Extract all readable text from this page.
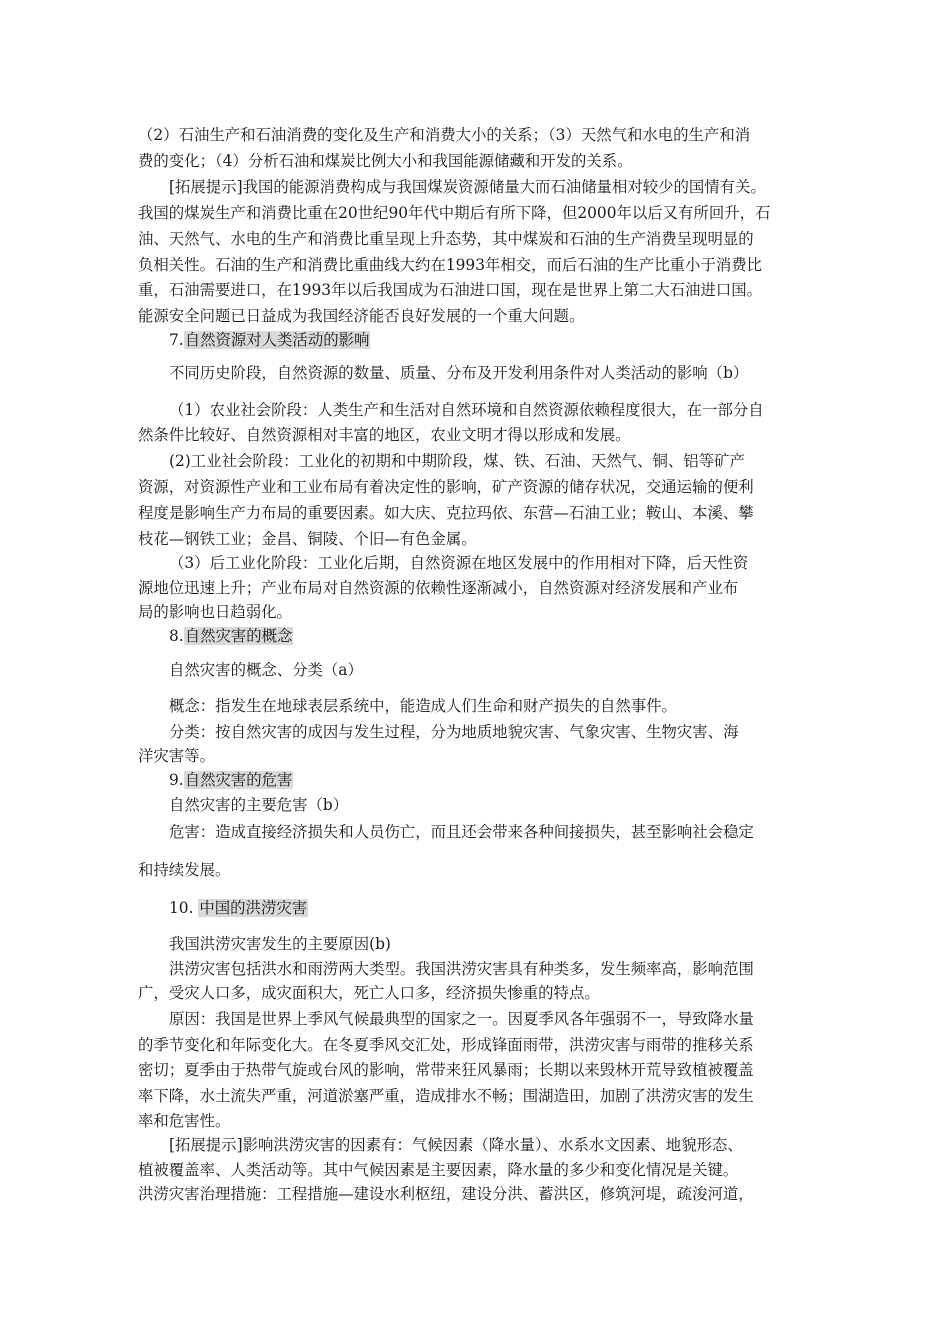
（2）石油生产和石油消费的变化及生产和消费大小的关系；（3）天然气和水电的生产和消
费的变化；（4）分析石油和煤炭比例大小和我国能源储藏和开发的关系。
[拓展提示]我国的能源消费构成与我国煤炭资源储量大而石油储量相对较少的国情有关。
我国的煤炭生产和消费比重在20世纪90年代中期后有所下降，但2000年以后又有所回升，石
油、天然气、水电的生产和消费比重呈现上升态势，其中煤炭和石油的生产消费呈现明显的
负相关性。石油的生产和消费比重曲线大约在1993年相交，而后石油的生产比重小于消费比
重，石油需要进口，在1993年以后我国成为石油进口国，现在是世界上第二大石油进口国。
能源安全问题已日益成为我国经济能否良好发展的一个重大问题。
7.自然资源对人类活动的影响
不同历史阶段，自然资源的数量、质量、分布及开发利用条件对人类活动的影响（b）
（1）农业社会阶段：人类生产和生活对自然环境和自然资源依赖程度很大，在一部分自
然条件比较好、自然资源相对丰富的地区，农业文明才得以形成和发展。
(2)工业社会阶段：工业化的初期和中期阶段，煤、铁、石油、天然气、铜、铝等矿产
资源，对资源性产业和工业布局有着决定性的影响，矿产资源的储存状况，交通运输的便利
程度是影响生产力布局的重要因素。如大庆、克拉玛依、东营—石油工业；鞍山、本溪、攀
枝花—钢铁工业；金昌、铜陵、个旧—有色金属。
（3）后工业化阶段：工业化后期，自然资源在地区发展中的作用相对下降，后天性资
源地位迅速上升；产业布局对自然资源的依赖性逐渐减小，自然资源对经济发展和产业布
局的影响也日趋弱化。
8.自然灾害的概念
自然灾害的概念、分类（a）
概念：指发生在地球表层系统中，能造成人们生命和财产损失的自然事件。
分类：按自然灾害的成因与发生过程，分为地质地貌灾害、气象灾害、生物灾害、海
洋灾害等。
9.自然灾害的危害
自然灾害的主要危害（b）
危害：造成直接经济损失和人员伤亡，而且还会带来各种间接损失，甚至影响社会稳定
和持续发展。
10. 中国的洪涝灾害
我国洪涝灾害发生的主要原因(b)
洪涝灾害包括洪水和雨涝两大类型。我国洪涝灾害具有种类多，发生频率高，影响范围
广，受灾人口多，成灾面积大，死亡人口多，经济损失惨重的特点。
原因：我国是世界上季风气候最典型的国家之一。因夏季风各年强弱不一，导致降水量
的季节变化和年际变化大。在冬夏季风交汇处，形成锋面雨带，洪涝灾害与雨带的推移关系
密切；夏季由于热带气旋或台风的影响，常带来狂风暴雨；长期以来毁林开荒导致植被覆盖
率下降，水土流失严重，河道淤塞严重，造成排水不畅；围湖造田，加剧了洪涝灾害的发生
率和危害性。
[拓展提示]影响洪涝灾害的因素有：气候因素（降水量）、水系水文因素、地貌形态、
植被覆盖率、人类活动等。其中气候因素是主要因素，降水量的多少和变化情况是关键。
洪涝灾害治理措施：工程措施—建设水利枢纽，建设分洪、蓄洪区，修筑河堤，疏浚河道，
